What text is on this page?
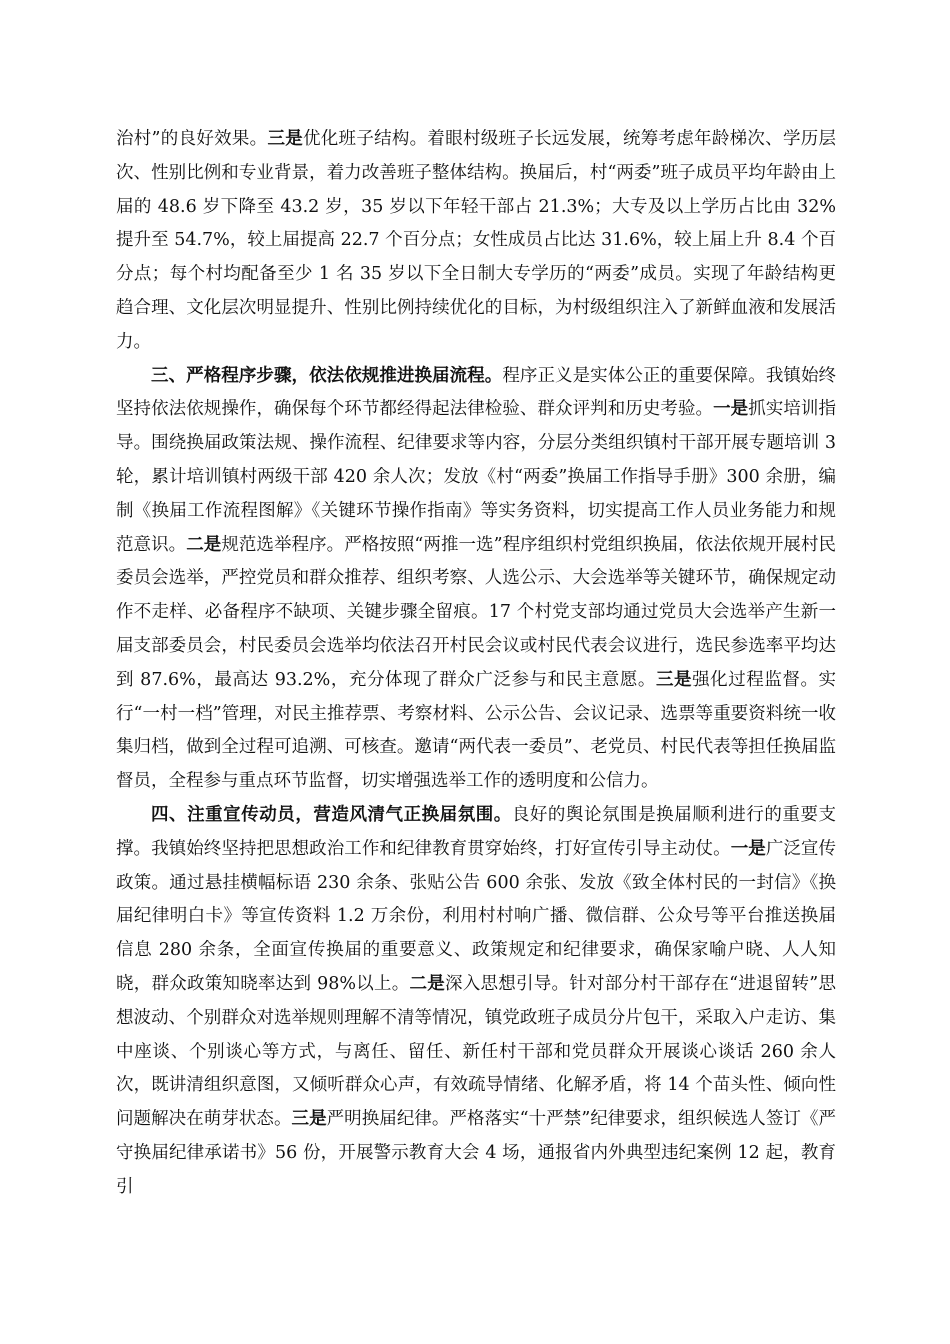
治村”的良好效果。三是优化班子结构。着眼村级班子长远发展，统筹考虑年龄梯次、学历层次、性别比例和专业背景，着力改善班子整体结构。换届后，村“两委”班子成员平均年龄由上届的 48.6 岁下降至 43.2 岁，35 岁以下年轻干部占 21.3%；大专及以上学历占比由 32%提升至 54.7%，较上届提高 22.7 个百分点；女性成员占比达 31.6%，较上届上升 8.4 个百分点；每个村均配备至少 1 名 35 岁以下全日制大专学历的“两委”成员。实现了年龄结构更趋合理、文化层次明显提升、性别比例持续优化的目标，为村级组织注入了新鲜血液和发展活力。

三、严格程序步骤，依法依规推进换届流程。程序正义是实体公正的重要保障。我镇始终坚持依法依规操作，确保每个环节都经得起法律检验、群众评判和历史考验。一是抓实培训指导。围绕换届政策法规、操作流程、纪律要求等内容，分层分类组织镇村干部开展专题培训 3 轮，累计培训镇村两级干部 420 余人次；发放《村“两委”换届工作指导手册》300 余册，编制《换届工作流程图解》《关键环节操作指南》等实务资料，切实提高工作人员业务能力和规范意识。二是规范选举程序。严格按照“两推一选”程序组织村党组织换届，依法依规开展村民委员会选举，严控党员和群众推荐、组织考察、人选公示、大会选举等关键环节，确保规定动作不走样、必备程序不缺项、关键步骤全留痕。17 个村党支部均通过党员大会选举产生新一届支部委员会，村民委员会选举均依法召开村民会议或村民代表会议进行，选民参选率平均达到 87.6%，最高达 93.2%，充分体现了群众广泛参与和民主意愿。三是强化过程监督。实行“一村一档”管理，对民主推荐票、考察材料、公示公告、会议记录、选票等重要资料统一收集归档，做到全过程可追溯、可核查。邀请“两代表一委员”、老党员、村民代表等担任换届监督员，全程参与重点环节监督，切实增强选举工作的透明度和公信力。

四、注重宣传动员，营造风清气正换届氛围。良好的舆论氛围是换届顺利进行的重要支撑。我镇始终坚持把思想政治工作和纪律教育贯穿始终，打好宣传引导主动仗。一是广泛宣传政策。通过悬挂横幅标语 230 余条、张贴公告 600 余张、发放《致全体村民的一封信》《换届纪律明白卡》等宣传资料 1.2 万余份，利用村村响广播、微信群、公众号等平台推送换届信息 280 余条，全面宣传换届的重要意义、政策规定和纪律要求，确保家喻户晓、人人知晓，群众政策知晓率达到 98%以上。二是深入思想引导。针对部分村干部存在“进退留转”思想波动、个别群众对选举规则理解不清等情况，镇党政班子成员分片包干，采取入户走访、集中座谈、个别谈心等方式，与离任、留任、新任村干部和党员群众开展谈心谈话 260 余人次，既讲清组织意图，又倾听群众心声，有效疏导情绪、化解矛盾，将 14 个苗头性、倾向性问题解决在萌芽状态。三是严明换届纪律。严格落实“十严禁”纪律要求，组织候选人签订《严守换届纪律承诺书》56 份，开展警示教育大会 4 场，通报省内外典型违纪案例 12 起，教育引
